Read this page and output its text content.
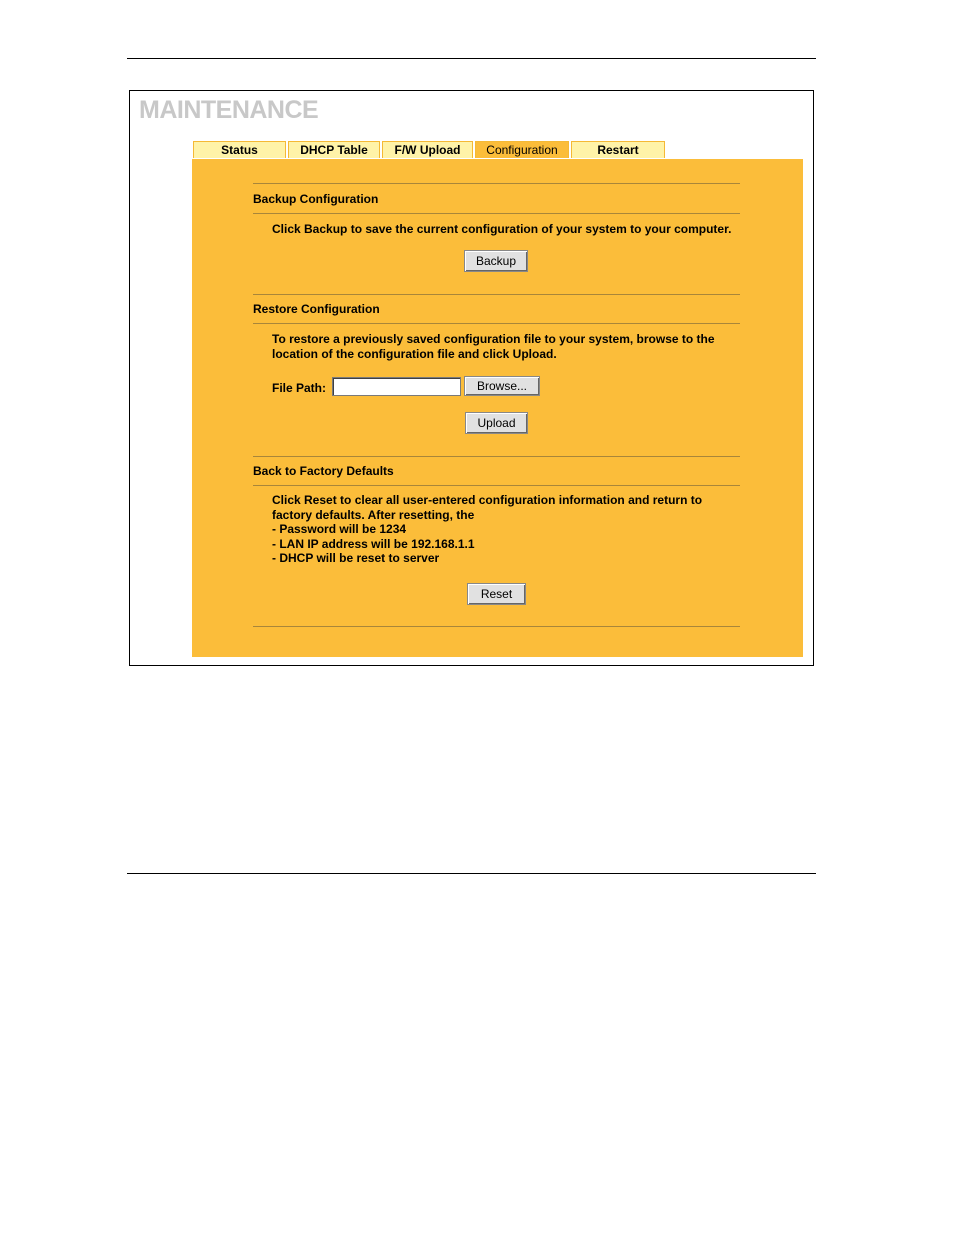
MAINTENANCE
Status	DHCP Table	F/W Upload	Configuration	Restart
Backup Configuration
Click Backup to save the current configuration of your system to your computer.
Backup
Restore Configuration
To restore a previously saved configuration file to your system, browse to the
location of the configuration file and click Upload.
File Path:	Browse...
Upload
Back to Factory Defaults
Click Reset to clear all user-entered configuration information and return to
factory defaults. After resetting, the
- Password will be 1234
- LAN IP address will be 192.168.1.1
- DHCP will be reset to server
Reset
